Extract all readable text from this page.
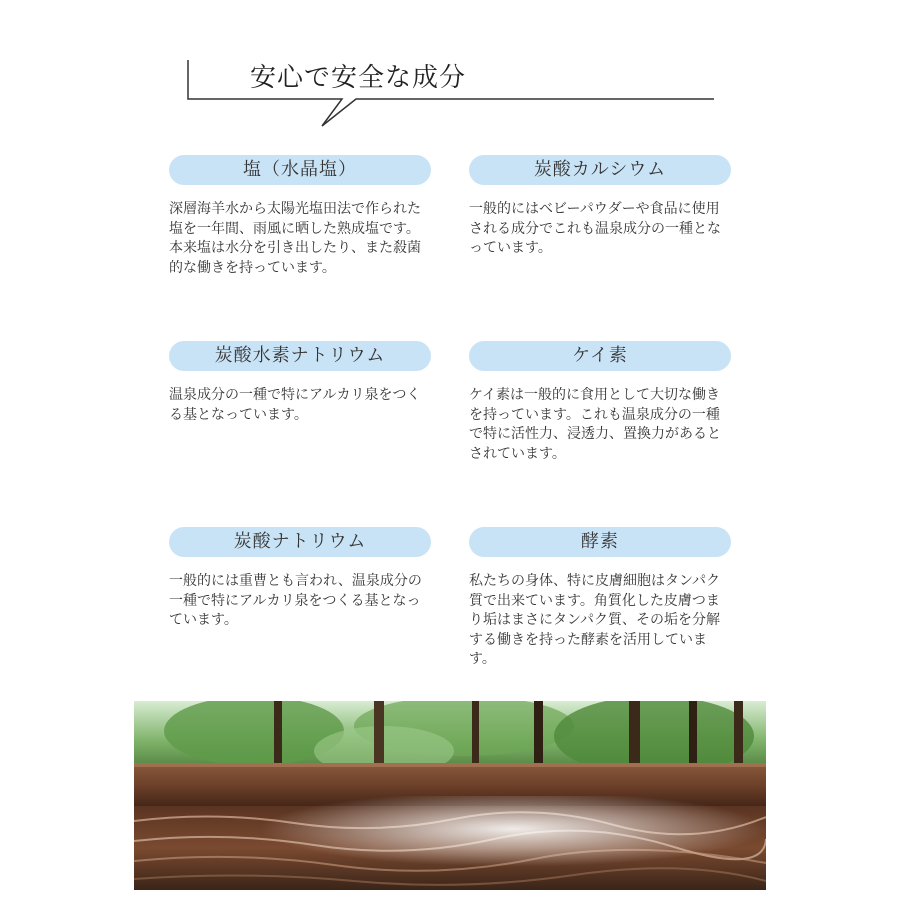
安心で安全な成分
塩（水晶塩）
深層海羊水から太陽光塩田法で作られた塩を一年間、雨風に晒した熟成塩です。
本来塩は水分を引き出したり、また殺菌的な働きを持っています。
炭酸カルシウム
一般的にはベビーパウダーや食品に使用される成分でこれも温泉成分の一種となっています。
炭酸水素ナトリウム
温泉成分の一種で特にアルカリ泉をつくる基となっています。
ケイ素
ケイ素は一般的に食用として大切な働きを持っています。これも温泉成分の一種で特に活性力、浸透力、置換力があるとされています。
炭酸ナトリウム
一般的には重曹とも言われ、温泉成分の一種で特にアルカリ泉をつくる基となっています。
酵素
私たちの身体、特に皮膚細胞はタンパク質で出来ています。角質化した皮膚つまり垢はまさにタンパク質、その垢を分解する働きを持った酵素を活用しています。
